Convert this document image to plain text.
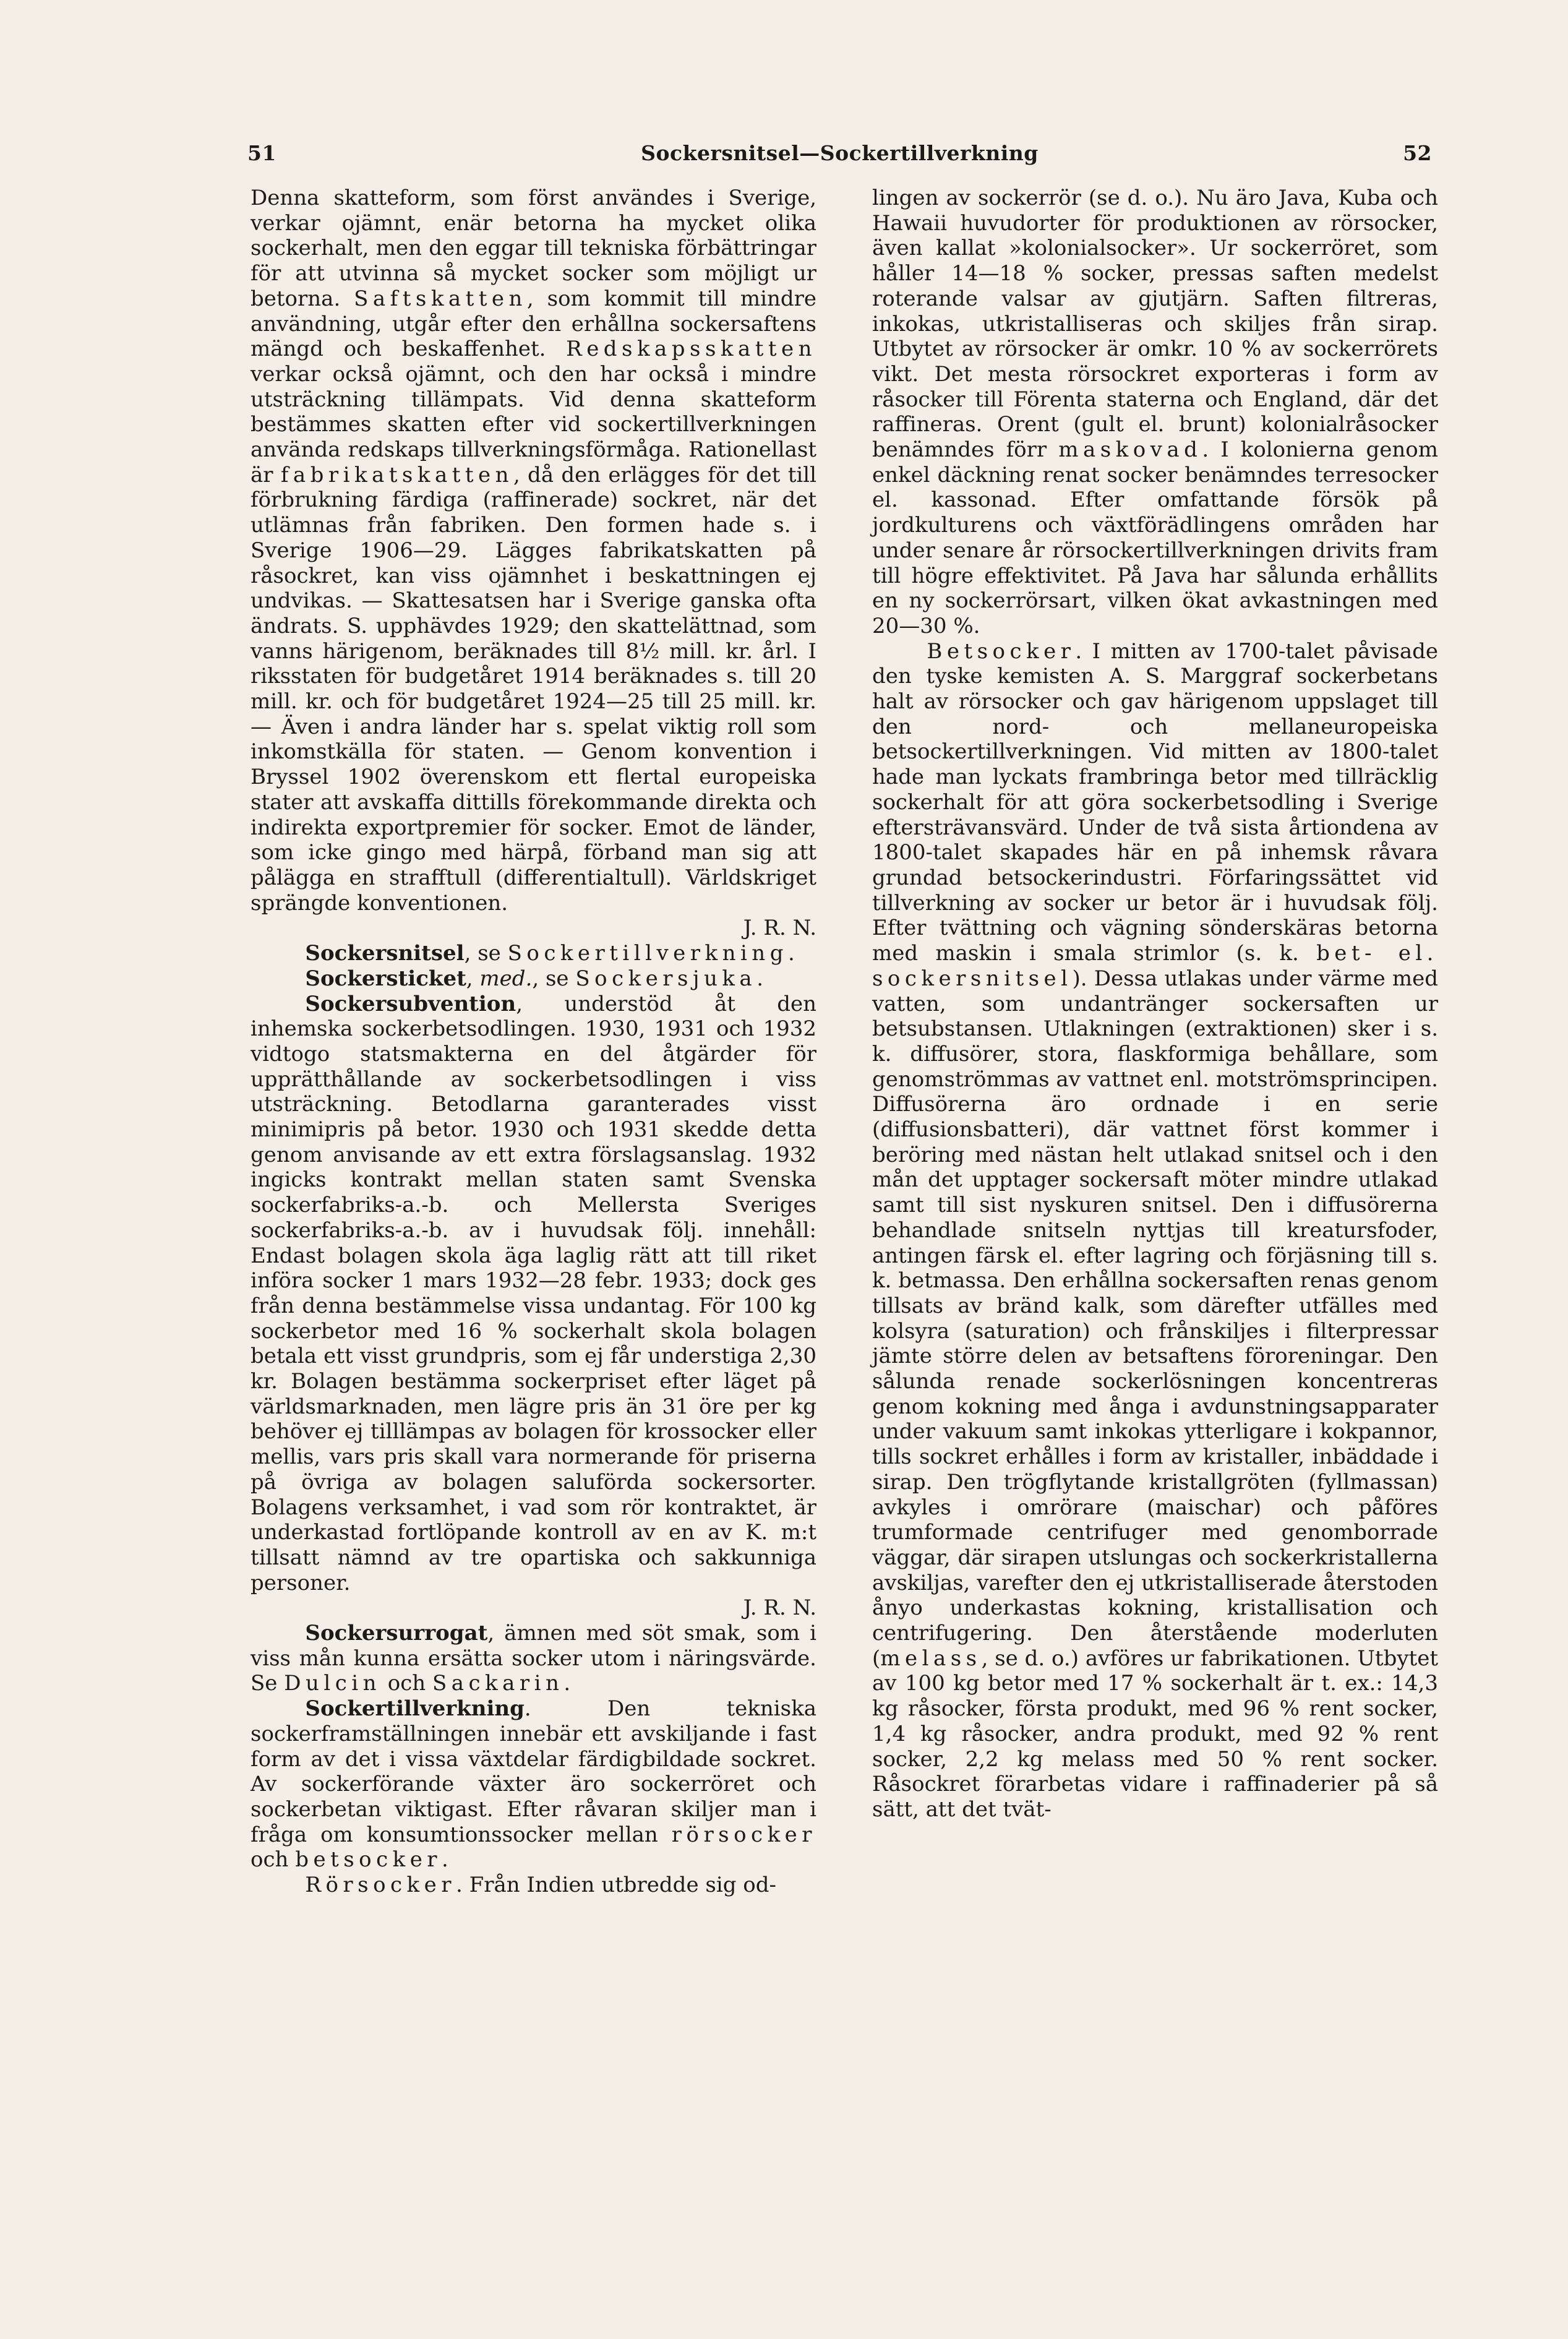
51	Sockersnitsel—Sockertillverkning	52

Denna skatteform, som först användes i Sverige, verkar ojämnt, enär betorna ha mycket olika sockerhalt, men den eggar till tekniska förbättringar för att utvinna så mycket socker som möjligt ur betorna. Saftskatten, som kommit till mindre användning, utgår efter den erhållna sockersaftens mängd och beskaffenhet. Redskapsskatten verkar också ojämnt, och den har också i mindre utsträckning tillämpats. Vid denna skatteform bestämmes skatten efter vid sockertillverkningen använda redskaps tillverkningsförmåga. Rationellast är fabrikatskatten, då den erlägges för det till förbrukning färdiga (raffinerade) sockret, när det utlämnas från fabriken. Den formen hade s. i Sverige 1906—29. Lägges fabrikatskatten på råsockret, kan viss ojämnhet i beskattningen ej undvikas. — Skattesatsen har i Sverige ganska ofta ändrats. S. upphävdes 1929; den skattelättnad, som vanns härigenom, beräknades till 8½ mill. kr. årl. I riksstaten för budgetåret 1914 beräknades s. till 20 mill. kr. och för budgetåret 1924—25 till 25 mill. kr. — Även i andra länder har s. spelat viktig roll som inkomstkälla för staten. — Genom konvention i Bryssel 1902 överenskom ett flertal europeiska stater att avskaffa dittills förekommande direkta och indirekta exportpremier för socker. Emot de länder, som icke gingo med härpå, förband man sig att pålägga en strafftull (differentialtull). Världskriget sprängde konventionen.

J. R. N.

Sockersnitsel, se Sockertillverkning.

Sockersticket, med., se Sockersjuka.

Sockersubvention, understöd åt den inhemska sockerbetsodlingen. 1930, 1931 och 1932 vidtogo statsmakterna en del åtgärder för upprätthållande av sockerbetsodlingen i viss utsträckning. Betodlarna garanterades visst minimipris på betor. 1930 och 1931 skedde detta genom anvisande av ett extra förslagsanslag. 1932 ingicks kontrakt mellan staten samt Svenska sockerfabriks-a.-b. och Mellersta Sveriges sockerfabriks-a.-b. av i huvudsak följ. innehåll: Endast bolagen skola äga laglig rätt att till riket införa socker 1 mars 1932—28 febr. 1933; dock ges från denna bestämmelse vissa undantag. För 100 kg sockerbetor med 16 % sockerhalt skola bolagen betala ett visst grundpris, som ej får understiga 2,30 kr. Bolagen bestämma sockerpriset efter läget på världsmarknaden, men lägre pris än 31 öre per kg behöver ej tilllämpas av bolagen för krossocker eller mellis, vars pris skall vara normerande för priserna på övriga av bolagen saluförda sockersorter. Bolagens verksamhet, i vad som rör kontraktet, är underkastad fortlöpande kontroll av en av K. m:t tillsatt nämnd av tre opartiska och sakkunniga personer.

J. R. N.

Sockersurrogat, ämnen med söt smak, som i viss mån kunna ersätta socker utom i näringsvärde. Se Dulcin och Sackarin.

Sockertillverkning. Den tekniska sockerframställningen innebär ett avskiljande i fast form av det i vissa växtdelar färdigbildade sockret. Av sockerförande växter äro sockerröret och sockerbetan viktigast. Efter råvaran skiljer man i fråga om konsumtionssocker mellan rörsocker och betsocker.

Rörsocker. Från Indien utbredde sig od-

lingen av sockerrör (se d. o.). Nu äro Java, Kuba och Hawaii huvudorter för produktionen av rörsocker, även kallat »kolonialsocker». Ur sockerröret, som håller 14—18 % socker, pressas saften medelst roterande valsar av gjutjärn. Saften filtreras, inkokas, utkristalliseras och skiljes från sirap. Utbytet av rörsocker är omkr. 10 % av sockerrörets vikt. Det mesta rörsockret exporteras i form av råsocker till Förenta staterna och England, där det raffineras. Orent (gult el. brunt) kolonialråsocker benämndes förr maskovad. I kolonierna genom enkel däckning renat socker benämndes terresocker el. kassonad. Efter omfattande försök på jordkulturens och växtförädlingens områden har under senare år rörsockertillverkningen drivits fram till högre effektivitet. På Java har sålunda erhållits en ny sockerrörsart, vilken ökat avkastningen med 20—30 %.

Betsocker. I mitten av 1700-talet påvisade den tyske kemisten A. S. Marggraf sockerbetans halt av rörsocker och gav härigenom uppslaget till den nord- och mellaneuropeiska betsockertillverkningen. Vid mitten av 1800-talet hade man lyckats frambringa betor med tillräcklig sockerhalt för att göra sockerbetsodling i Sverige eftersträvansvärd. Under de två sista årtiondena av 1800-talet skapades här en på inhemsk råvara grundad betsockerindustri. Förfaringssättet vid tillverkning av socker ur betor är i huvudsak följ. Efter tvättning och vägning sönderskäras betorna med maskin i smala strimlor (s. k. bet- el. sockersnitsel). Dessa utlakas under värme med vatten, som undantränger sockersaften ur betsubstansen. Utlakningen (extraktionen) sker i s. k. diffusörer, stora, flaskformiga behållare, som genomströmmas av vattnet enl. motströmsprincipen. Diffusörerna äro ordnade i en serie (diffusionsbatteri), där vattnet först kommer i beröring med nästan helt utlakad snitsel och i den mån det upptager sockersaft möter mindre utlakad samt till sist nyskuren snitsel. Den i diffusörerna behandlade snitseln nyttjas till kreatursfoder, antingen färsk el. efter lagring och förjäsning till s. k. betmassa. Den erhållna sockersaften renas genom tillsats av bränd kalk, som därefter utfälles med kolsyra (saturation) och frånskiljes i filterpressar jämte större delen av betsaftens föroreningar. Den sålunda renade sockerlösningen koncentreras genom kokning med ånga i avdunstningsapparater under vakuum samt inkokas ytterligare i kokpannor, tills sockret erhålles i form av kristaller, inbäddade i sirap. Den trögflytande kristallgröten (fyllmassan) avkyles i omrörare (maischar) och påföres trumformade centrifuger med genomborrade väggar, där sirapen utslungas och sockerkristallerna avskiljas, varefter den ej utkristalliserade återstoden ånyo underkastas kokning, kristallisation och centrifugering. Den återstående moderluten (melass, se d. o.) avföres ur fabrikationen. Utbytet av 100 kg betor med 17 % sockerhalt är t. ex.: 14,3 kg råsocker, första produkt, med 96 % rent socker, 1,4 kg råsocker, andra produkt, med 92 % rent socker, 2,2 kg melass med 50 % rent socker. Råsockret förarbetas vidare i raffinaderier på så sätt, att det tvät-
